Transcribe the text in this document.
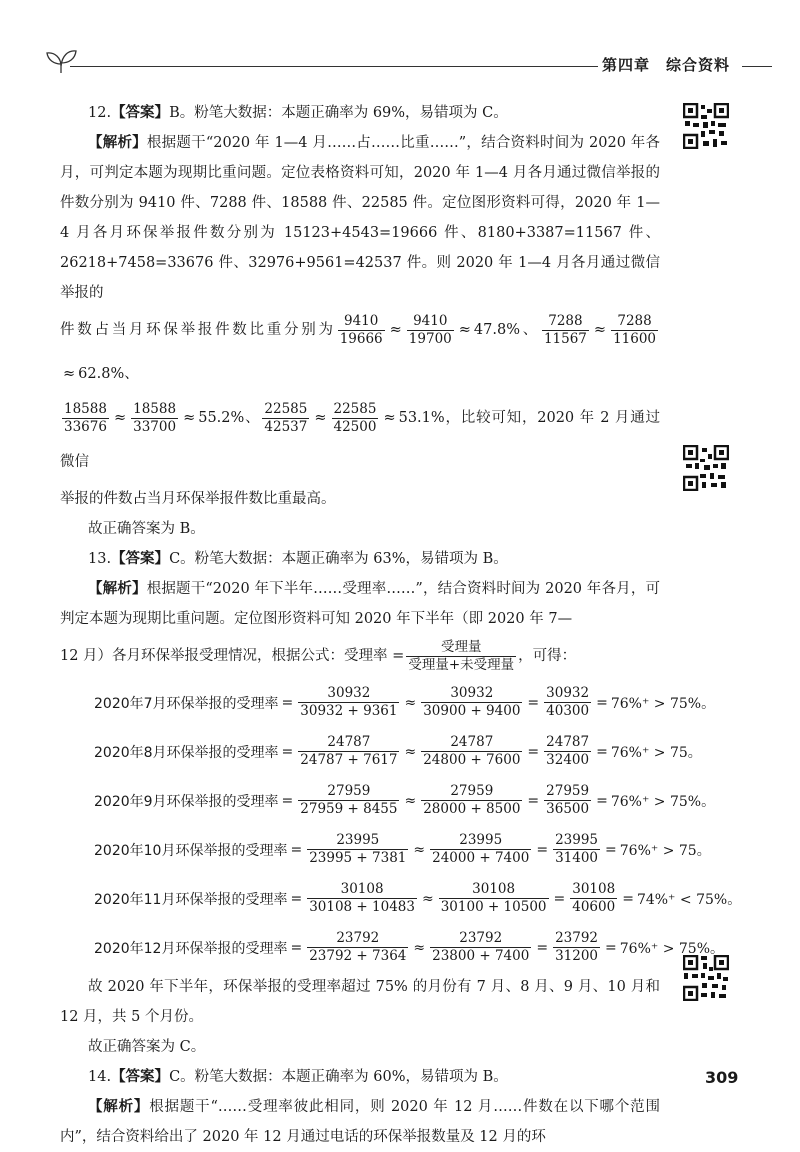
第四章 综合资料

12.【答案】B。粉笔大数据：本题正确率为 69%，易错项为 C。

【解析】根据题干“2020 年 1—4 月……占……比重……”，结合资料时间为 2020 年各月，可判定本题为现期比重问题。定位表格资料可知，2020 年 1—4 月各月通过微信举报的件数分别为 9410 件、7288 件、18588 件、22585 件。定位图形资料可得，2020 年 1—4 月各月环保举报件数分别为 15123+4543=19666 件、8180+3387=11567 件、26218+7458=33676 件、32976+9561=42537 件。则 2020 年 1—4 月各月通过微信举报的

件数占当月环保举报件数比重分别为 $\frac{9410}{19666} \approx \frac{9410}{19700} \approx 47.8\%$、 $\frac{7288}{11567} \approx \frac{7288}{11600}$
≈ 62.8%、

$\frac{18588}{33676} \approx \frac{18588}{33700} \approx 55.2\%$、 $\frac{22585}{42537} \approx \frac{22585}{42500} \approx 53.1\%$，比较可知，2020 年 2 月通过微信

举报的件数占当月环保举报件数比重最高。

故正确答案为 B。

13.【答案】C。粉笔大数据：本题正确率为 63%，易错项为 B。

【解析】根据题干“2020 年下半年……受理率……”，结合资料时间为 2020 年各月，可判定本题为现期比重问题。定位图形资料可知 2020 年下半年（即 2020 年 7—

12 月）各月环保举报受理情况，根据公式：受理率 = $\frac{\text{受理量}}{\text{受理量+未受理量}}$ ，可得：

2020年7月环保举报的受理率 = $\frac{30932}{30932 + 9361} \approx \frac{30932}{30900 + 9400} = \frac{30932}{40300} = 76\%^+ > 75\%$。
2020年8月环保举报的受理率 = $\frac{24787}{24787 + 7617} \approx \frac{24787}{24800 + 7600} = \frac{24787}{32400} = 76\%^+ > 75$。
2020年9月环保举报的受理率 = $\frac{27959}{27959 + 8455} \approx \frac{27959}{28000 + 8500} = \frac{27959}{36500} = 76\%^+ > 75\%$。
2020年10月环保举报的受理率 = $\frac{23995}{23995 + 7381} \approx \frac{23995}{24000 + 7400} = \frac{23995}{31400} = 76\%^+ > 75$。
2020年11月环保举报的受理率 = $\frac{30108}{30108 + 10483} \approx \frac{30108}{30100 + 10500} = \frac{30108}{40600} = 74\%^+ < 75\%$。
2020年12月环保举报的受理率 = $\frac{23792}{23792 + 7364} \approx \frac{23792}{23800 + 7400} = \frac{23792}{31200} = 76\%^+ > 75\%$。

故 2020 年下半年，环保举报的受理率超过 75% 的月份有 7 月、8 月、9 月、10 月和 12 月，共 5 个月份。

故正确答案为 C。

14.【答案】C。粉笔大数据：本题正确率为 60%，易错项为 B。

【解析】根据题干“……受理率彼此相同，则 2020 年 12 月……件数在以下哪个范围内”，结合资料给出了 2020 年 12 月通过电话的环保举报数量及 12 月的环

309
